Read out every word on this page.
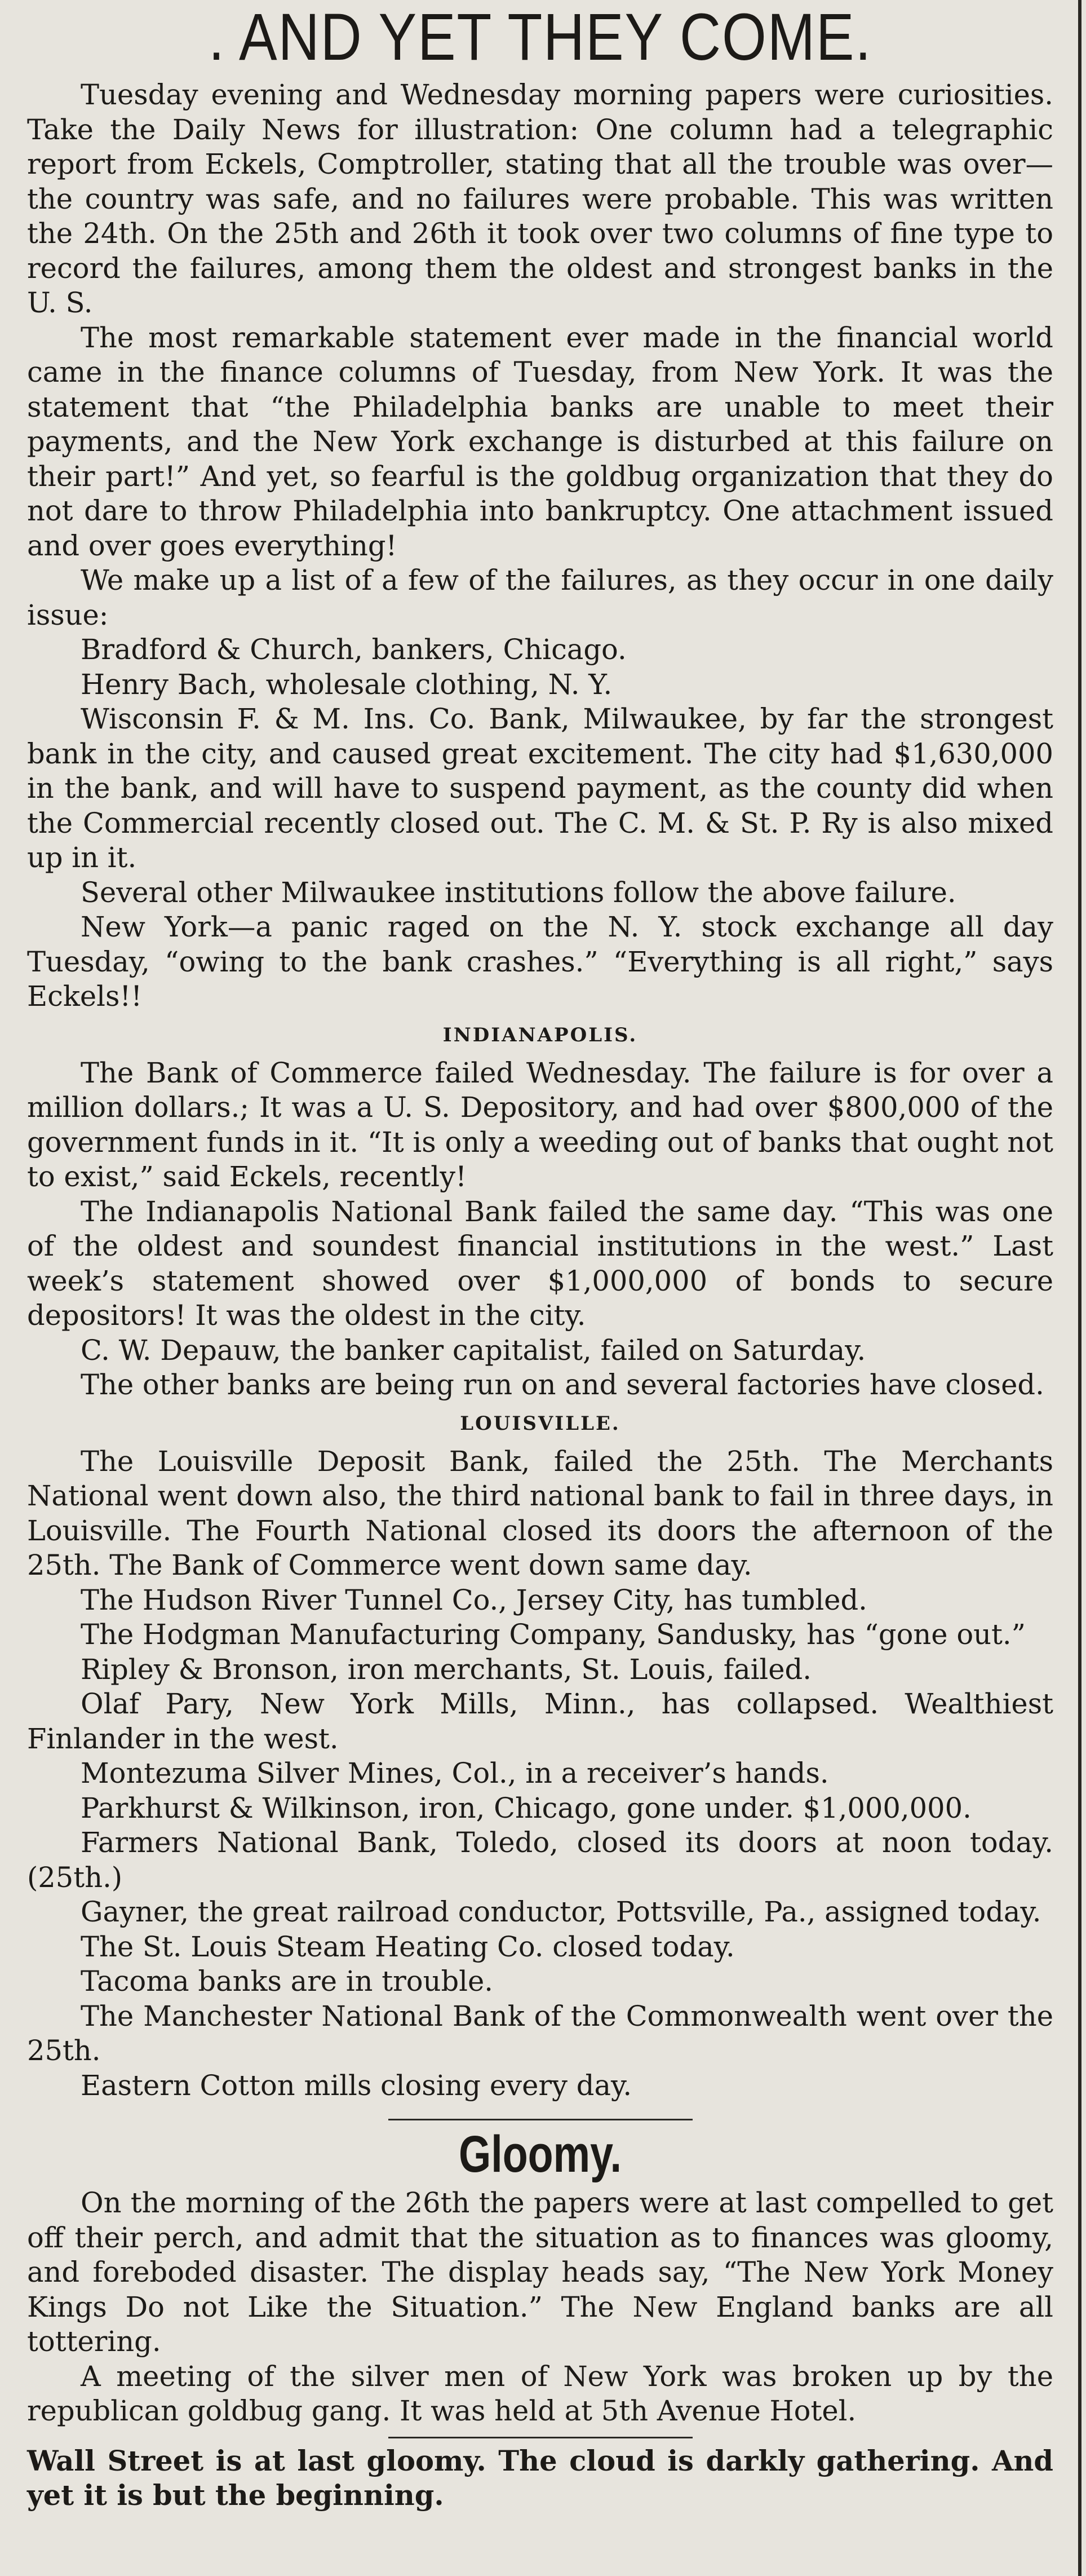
. AND YET THEY COME.

Tuesday evening and Wednesday morning papers were curiosities. Take the Daily News for illustration: One column had a telegraphic report from Eckels, Comptroller, stating that all the trouble was over—the country was safe, and no failures were probable. This was written the 24th. On the 25th and 26th it took over two columns of fine type to record the failures, among them the oldest and strongest banks in the U. S.

The most remarkable statement ever made in the financial world came in the finance columns of Tuesday, from New York. It was the statement that “the Philadelphia banks are unable to meet their payments, and the New York exchange is disturbed at this failure on their part!” And yet, so fearful is the goldbug organization that they do not dare to throw Philadelphia into bankruptcy. One attachment issued and over goes everything!

We make up a list of a few of the failures, as they occur in one daily issue:

Bradford & Church, bankers, Chicago.

Henry Bach, wholesale clothing, N. Y.

Wisconsin F. & M. Ins. Co. Bank, Milwaukee, by far the strongest bank in the city, and caused great excitement. The city had $1,630,000 in the bank, and will have to suspend payment, as the county did when the Commercial recently closed out. The C. M. & St. P. Ry is also mixed up in it.

Several other Milwaukee institutions follow the above failure.

New York—a panic raged on the N. Y. stock exchange all day Tuesday, “owing to the bank crashes.” “Everything is all right,” says Eckels!!

INDIANAPOLIS.

The Bank of Commerce failed Wednesday. The failure is for over a million dollars.; It was a U. S. Depository, and had over $800,000 of the government funds in it. “It is only a weeding out of banks that ought not to exist,” said Eckels, recently!

The Indianapolis National Bank failed the same day. “This was one of the oldest and soundest financial institutions in the west.” Last week’s statement showed over $1,000,000 of bonds to secure depositors! It was the oldest in the city.

C. W. Depauw, the banker capitalist, failed on Saturday.

The other banks are being run on and several factories have closed.

LOUISVILLE.

The Louisville Deposit Bank, failed the 25th. The Merchants National went down also, the third national bank to fail in three days, in Louisville. The Fourth National closed its doors the afternoon of the 25th. The Bank of Commerce went down same day.

The Hudson River Tunnel Co., Jersey City, has tumbled.

The Hodgman Manufacturing Company, Sandusky, has “gone out.”

Ripley & Bronson, iron merchants, St. Louis, failed.

Olaf Pary, New York Mills, Minn., has collapsed. Wealthiest Finlander in the west.

Montezuma Silver Mines, Col., in a receiver’s hands.

Parkhurst & Wilkinson, iron, Chicago, gone under. $1,000,000.

Farmers National Bank, Toledo, closed its doors at noon today. (25th.)

Gayner, the great railroad conductor, Pottsville, Pa., assigned today.

The St. Louis Steam Heating Co. closed today.

Tacoma banks are in trouble.

The Manchester National Bank of the Commonwealth went over the 25th.

Eastern Cotton mills closing every day.

Gloomy.

On the morning of the 26th the papers were at last compelled to get off their perch, and admit that the situation as to finances was gloomy, and foreboded disaster. The display heads say, “The New York Money Kings Do not Like the Situation.” The New England banks are all tottering.

A meeting of the silver men of New York was broken up by the republican goldbug gang. It was held at 5th Avenue Hotel.

Wall Street is at last gloomy. The cloud is darkly gathering. And yet it is but the beginning.
